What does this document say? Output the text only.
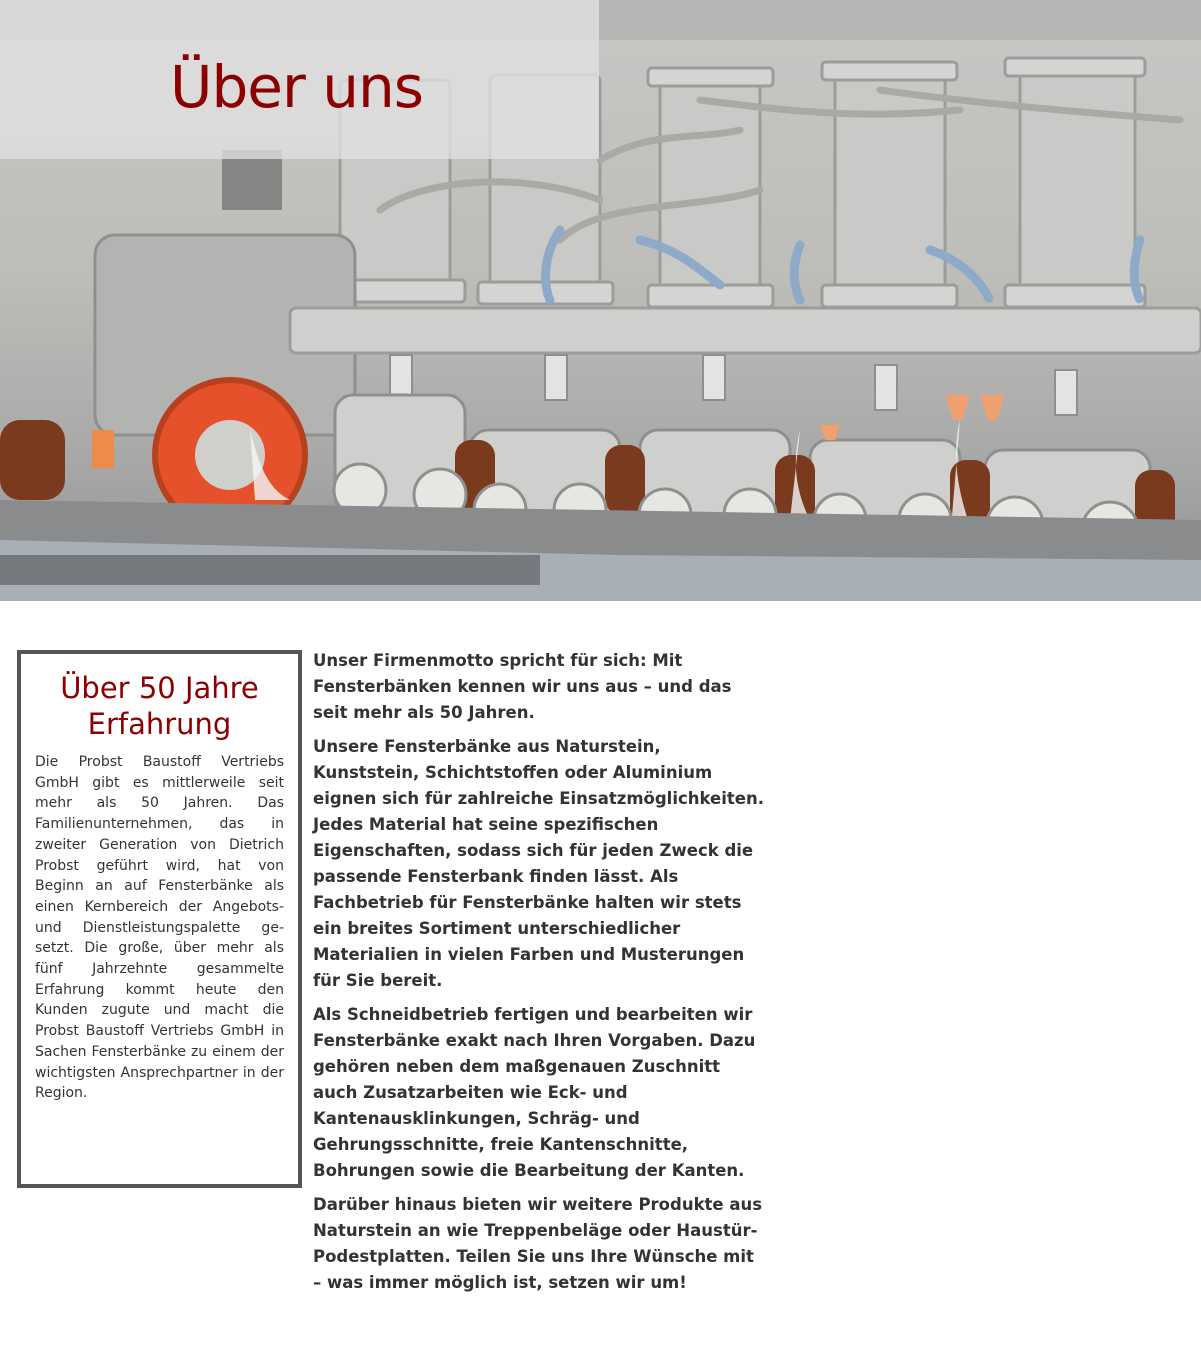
Über uns
Über 50 Jahre
Erfahrung

Die Probst Baustoff Vertriebs GmbH gibt es mittlerweile seit mehr als 50 Jahren. Das Familienunternehmen, das in zweiter Generation von Dietrich Probst geführt wird, hat von Beginn an auf Fensterbänke als einen Kernbereich der Angebots- und Dienstleistungspalette gesetzt. Die große, über mehr als fünf Jahrzehnte gesammelte Erfahrung kommt heute den Kunden zugute und macht die Probst Baustoff Vertriebs GmbH in Sachen Fensterbänke zu einem der wichtigsten Ansprechpartner in der Region.

Unser Firmenmotto spricht für sich: Mit Fensterbänken kennen wir uns aus – und das seit mehr als 50 Jahren.

Unsere Fensterbänke aus Naturstein, Kunststein, Schichtstoffen oder Aluminium eignen sich für zahlreiche Einsatzmöglichkeiten. Jedes Material hat seine spezifischen Eigenschaften, sodass sich für jeden Zweck die passende Fensterbank finden lässt. Als Fachbetrieb für Fensterbänke halten wir stets ein breites Sortiment unterschiedlicher Materialien in vielen Farben und Musterungen für Sie bereit.

Als Schneidbetrieb fertigen und bearbeiten wir Fensterbänke exakt nach Ihren Vorgaben. Dazu gehören neben dem maßgenauen Zuschnitt auch Zusatzarbeiten wie Eck- und Kantenausklinkungen, Schräg- und Gehrungsschnitte, freie Kantenschnitte, Bohrungen sowie die Bearbeitung der Kanten.

Darüber hinaus bieten wir weitere Produkte aus Naturstein an wie Treppenbeläge oder Haustür-Podestplatten. Teilen Sie uns Ihre Wünsche mit – was immer möglich ist, setzen wir um!
